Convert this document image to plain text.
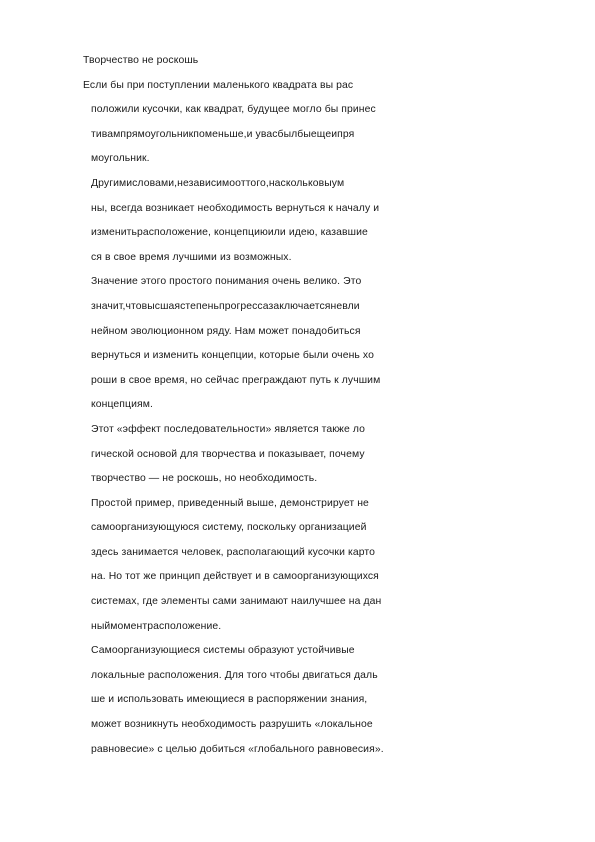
Творчество не роскошь
Если бы при поступлении маленького квадрата вы рас
положили кусочки, как квадрат, будущее могло бы принес
тивампрямоугольникпоменьше,и увасбылбыещеипря
моугольник.
Другимисловами,независимооттого,наскольковыум
ны, всегда возникает необходимость вернуться к началу и
изменитьрасположение, концепциюили идею, казавшие
ся в свое время лучшими из возможных.
Значение этого простого понимания очень велико. Это
значит,чтовысшаястепеньпрогрессазаключаетсяневли
нейном эволюционном ряду. Нам может понадобиться
вернуться и изменить концепции, которые были очень хо
роши в свое время, но сейчас преграждают путь к лучшим
концепциям.
Этот «эффект последовательности» является также ло
гической основой для творчества и показывает, почему
творчество — не роскошь, но необходимость.
Простой пример, приведенный выше, демонстрирует не
самоорганизующуюся систему, поскольку организацией
здесь занимается человек, располагающий кусочки карто
на. Но тот же принцип действует и в самоорганизующихся
системах, где элементы сами занимают наилучшее на дан
ныймоментрасположение.
Самоорганизующиеся системы образуют устойчивые
локальные расположения. Для того чтобы двигаться даль
ше и использовать имеющиеся в распоряжении знания,
может возникнуть необходимость разрушить «локальное
равновесие» с целью добиться «глобального равновесия».
